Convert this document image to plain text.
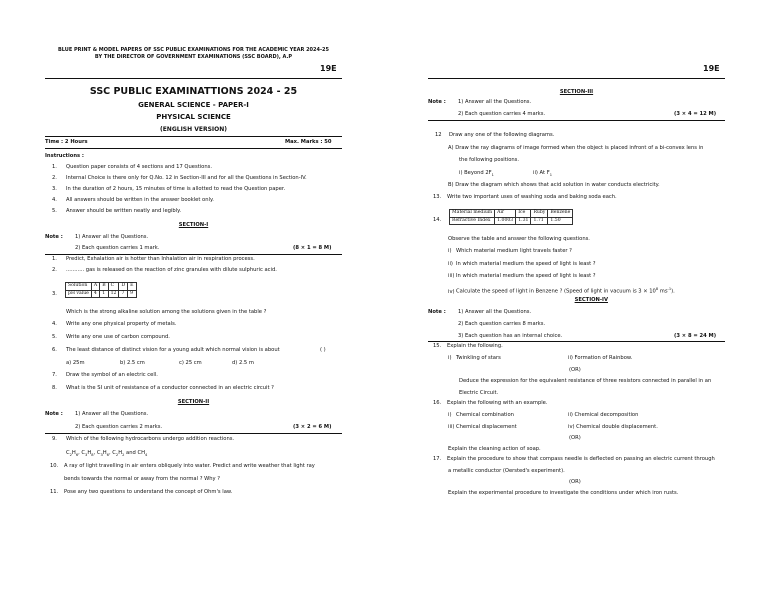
BLUE PRINT & MODEL PAPERS OF SSC PUBLIC EXAMINATIONS FOR THE ACADEMIC YEAR 2024-25
BY THE DIRECTOR OF GOVERNMENT EXAMINATIONS (SSC BOARD), A.P
19E
SSC PUBLIC EXAMINATTIONS 2024 - 25
GENERAL SCIENCE - PAPER-I
PHYSICAL SCIENCE
(ENGLISH VERSION)
Time : 2 Hours	Max. Marks : 50
Instructions :
1. Question paper consists of 4 sections and 17 Questions.
2. Internal Choice is there only for Q.No. 12 in Section-III and for all the Questions in Section-IV.
3. In the duration of 2 hours, 15 minutes of time is allotted to read the Question paper.
4. All answers should be written in the answer booklet only.
5. Answer should be written neatly and legibly.
SECTION-I
Note : 1) Answer all the Questions.
2) Each question carries 1 mark.	(8 × 1 = 8 M)
1. Predict, Exhalation air is hotter than Inhalation air in respiration process.
2. ........... gas is released on the reaction of zinc granules with dilute sulphuric acid.
3.
Solution	A	B	C	D	E
pH value	4	1	12	7	9
Which is the strong alkaline solution among the solutions given in the table ?
4. Write any one physical property of metals.
5. Write any one use of carbon compound.
6. The least distance of distinct vision for a young adult which normal vision is about	( )
a) 25m	b) 2.5 cm	c) 25 cm	d) 2.5 m
7. Draw the symbol of an electric cell.
8. What is the SI unit of resistance of a conductor connected in an electric circuit ?
SECTION-II
Note : 1) Answer all the Questions.
2) Each question carries 2 marks.	(3 × 2 = 6 M)
9. Which of the following hydrocarbons undergo addition reactions.
$C_2H_6$, $C_3H_8$, $C_3H_6$, $C_2H_2$ and $CH_4$
10. A ray of light travelling in air enters obliquely into water. Predict and write weather that light ray
bends towards the normal or away from the normal ? Why ?
11. Pose any two questions to understand the concept of Ohm's law.
19E
SECTION-III
Note : 1) Answer all the Questions.
2) Each question carries 4 marks.	(3 × 4 = 12 M)
12 Draw any one of the following diagrams.
A) Draw the ray diagrams of image formed when the object is placed infront of a bi-convex lens in
the following positions.
i) Beyond $2F_1$	ii) At $F_1$
B) Draw the diagram which shows that acid solution in water conducts electricity.
13. Write two important uses of washing soda and baking soda each.
14.
Material medium	Air	Ice	Ruby	Benzene
Refractive Index	1.0003	1.31	1.71	1.50
Observe the table and answer the following questions.
i) Which material medium light travels faster ?
ii) In which material medium the speed of light is least ?
iii) In which material medium the speed of light is least ?
iv)Calculate the speed of light in Benzene ? (Speed of light in vacuum is $3 \times 10^8$ $ms^{-1}$).
SECTION-IV
Note : 1) Answer all the Questions.
2) Each question carries 8 marks.
3) Each question has an internal choice.	(3 × 8 = 24 M)
15. Explain the following.
i) Twinkling of stars	ii) Formation of Rainbow.
(OR)
Deduce the expression for the equivalent resistance of three resistors connected in parallel in an
Electric Circuit.
16. Explain the following with an example.
i) Chemical combination	ii) Chemical decomposition
iii) Chemical displacement	iv) Chemical double displacement.
(OR)
Explain the cleaning action of soap.
17. Explain the procedure to show that compass needle is deflected on passing an electric current through
a metallic conductor (Oersted's experiment).
(OR)
Explain the experimental procedure to investigate the conditions under which iron rusts.
